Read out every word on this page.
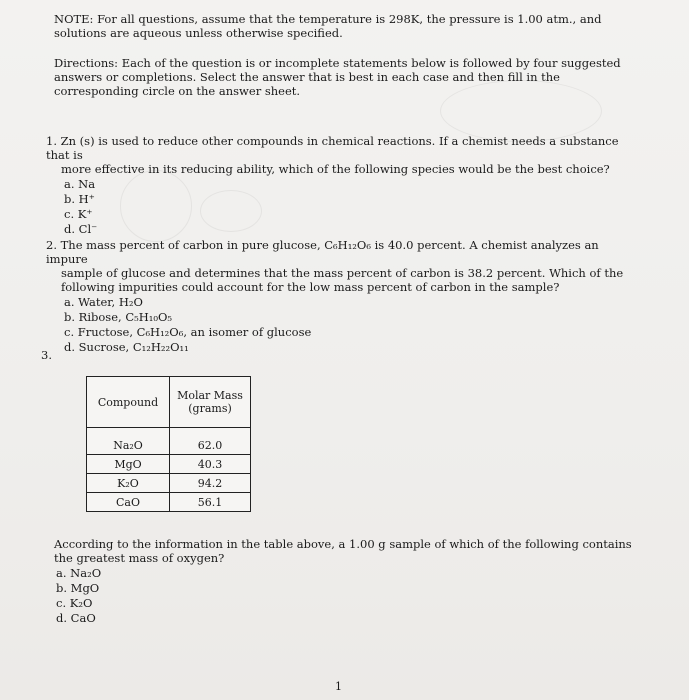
NOTE: For all questions, assume that the temperature is 298K, the pressure is 1.00 atm., and solutions are aqueous unless otherwise specified.
Directions: Each of the question is or incomplete statements below is followed by four suggested answers or completions. Select the answer that is best in each case and then fill in the corresponding circle on the answer sheet.
1. Zn (s) is used to reduce other compounds in chemical reactions. If a chemist needs a substance that is
more effective in its reducing ability, which of the following species would be the best choice?
a. Na
b. H⁺
c. K⁺
d. Cl⁻
2. The mass percent of carbon in pure glucose, C₆H₁₂O₆ is 40.0 percent. A chemist analyzes an impure
sample of glucose and determines that the mass percent of carbon is 38.2 percent. Which of the
following impurities could account for the low mass percent of carbon in the sample?
a. Water, H₂O
b. Ribose, C₅H₁₀O₅
c. Fructose, C₆H₁₂O₆, an isomer of glucose
d. Sucrose, C₁₂H₂₂O₁₁
3.
Compound	Molar Mass (grams)
Na₂O	62.0
MgO	40.3
K₂O	94.2
CaO	56.1
According to the information in the table above, a 1.00 g sample of which of the following contains
the greatest mass of oxygen?
a. Na₂O
b. MgO
c. K₂O
d. CaO
1
